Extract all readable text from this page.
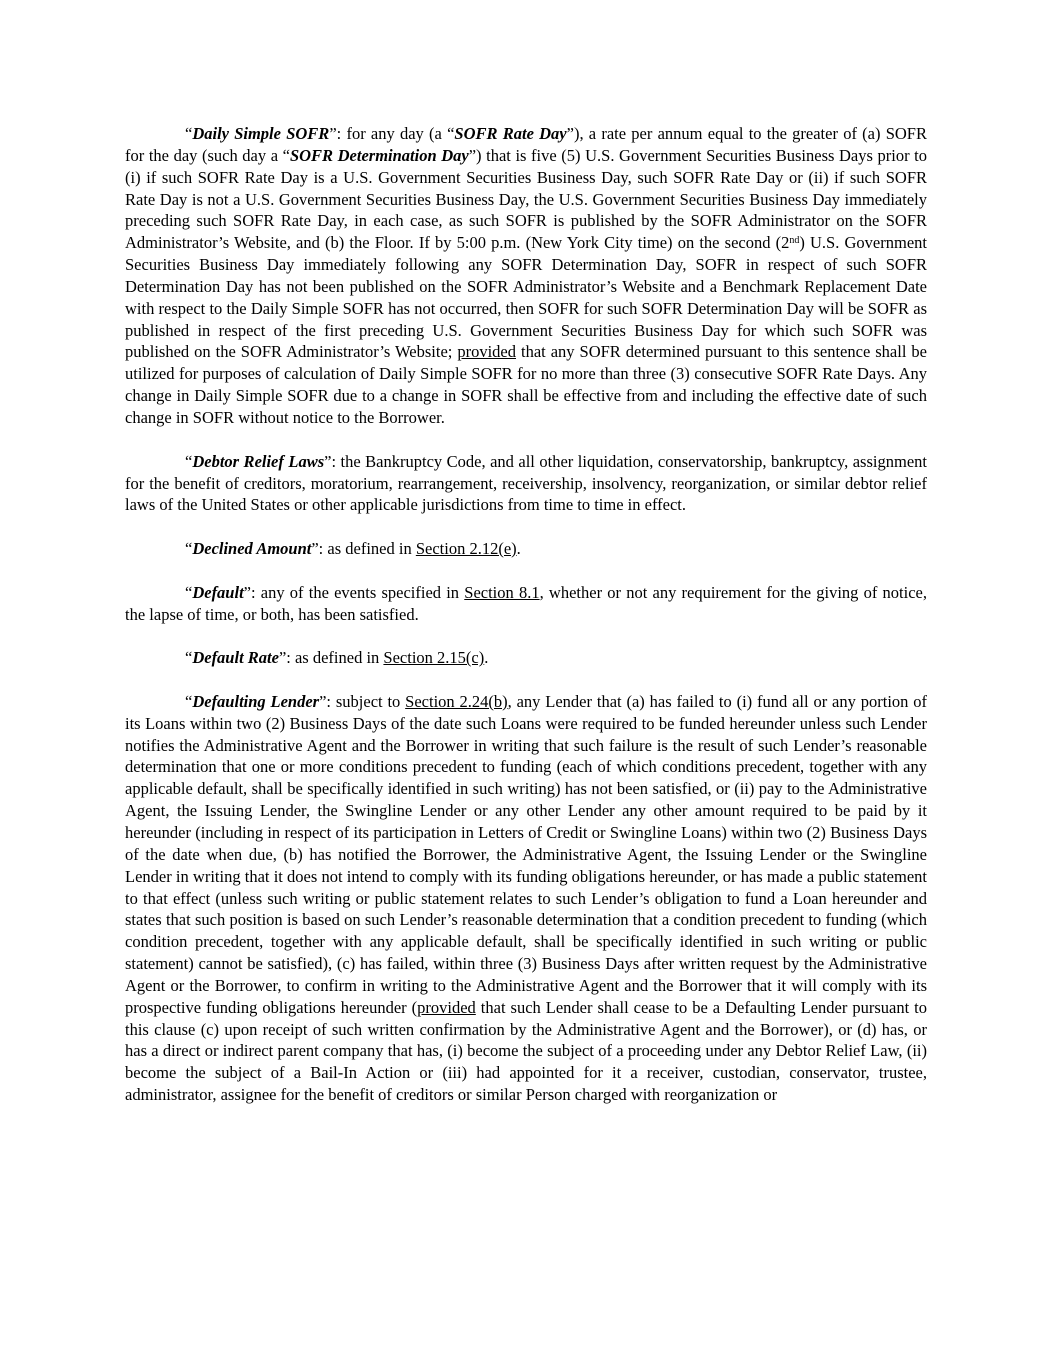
“Daily Simple SOFR”: for any day (a “SOFR Rate Day”), a rate per annum equal to the greater of (a) SOFR for the day (such day a “SOFR Determination Day”) that is five (5) U.S. Government Securities Business Days prior to (i) if such SOFR Rate Day is a U.S. Government Securities Business Day, such SOFR Rate Day or (ii) if such SOFR Rate Day is not a U.S. Government Securities Business Day, the U.S. Government Securities Business Day immediately preceding such SOFR Rate Day, in each case, as such SOFR is published by the SOFR Administrator on the SOFR Administrator’s Website, and (b) the Floor. If by 5:00 p.m. (New York City time) on the second (2nd) U.S. Government Securities Business Day immediately following any SOFR Determination Day, SOFR in respect of such SOFR Determination Day has not been published on the SOFR Administrator’s Website and a Benchmark Replacement Date with respect to the Daily Simple SOFR has not occurred, then SOFR for such SOFR Determination Day will be SOFR as published in respect of the first preceding U.S. Government Securities Business Day for which such SOFR was published on the SOFR Administrator’s Website; provided that any SOFR determined pursuant to this sentence shall be utilized for purposes of calculation of Daily Simple SOFR for no more than three (3) consecutive SOFR Rate Days. Any change in Daily Simple SOFR due to a change in SOFR shall be effective from and including the effective date of such change in SOFR without notice to the Borrower.

“Debtor Relief Laws”: the Bankruptcy Code, and all other liquidation, conservatorship, bankruptcy, assignment for the benefit of creditors, moratorium, rearrangement, receivership, insolvency, reorganization, or similar debtor relief laws of the United States or other applicable jurisdictions from time to time in effect.

“Declined Amount”: as defined in Section 2.12(e).

“Default”: any of the events specified in Section 8.1, whether or not any requirement for the giving of notice, the lapse of time, or both, has been satisfied.

“Default Rate”: as defined in Section 2.15(c).

“Defaulting Lender”: subject to Section 2.24(b), any Lender that (a) has failed to (i) fund all or any portion of its Loans within two (2) Business Days of the date such Loans were required to be funded hereunder unless such Lender notifies the Administrative Agent and the Borrower in writing that such failure is the result of such Lender’s reasonable determination that one or more conditions precedent to funding (each of which conditions precedent, together with any applicable default, shall be specifically identified in such writing) has not been satisfied, or (ii) pay to the Administrative Agent, the Issuing Lender, the Swingline Lender or any other Lender any other amount required to be paid by it hereunder (including in respect of its participation in Letters of Credit or Swingline Loans) within two (2) Business Days of the date when due, (b) has notified the Borrower, the Administrative Agent, the Issuing Lender or the Swingline Lender in writing that it does not intend to comply with its funding obligations hereunder, or has made a public statement to that effect (unless such writing or public statement relates to such Lender’s obligation to fund a Loan hereunder and states that such position is based on such Lender’s reasonable determination that a condition precedent to funding (which condition precedent, together with any applicable default, shall be specifically identified in such writing or public statement) cannot be satisfied), (c) has failed, within three (3) Business Days after written request by the Administrative Agent or the Borrower, to confirm in writing to the Administrative Agent and the Borrower that it will comply with its prospective funding obligations hereunder (provided that such Lender shall cease to be a Defaulting Lender pursuant to this clause (c) upon receipt of such written confirmation by the Administrative Agent and the Borrower), or (d) has, or has a direct or indirect parent company that has, (i) become the subject of a proceeding under any Debtor Relief Law, (ii) become the subject of a Bail-In Action or (iii) had appointed for it a receiver, custodian, conservator, trustee, administrator, assignee for the benefit of creditors or similar Person charged with reorganization or
